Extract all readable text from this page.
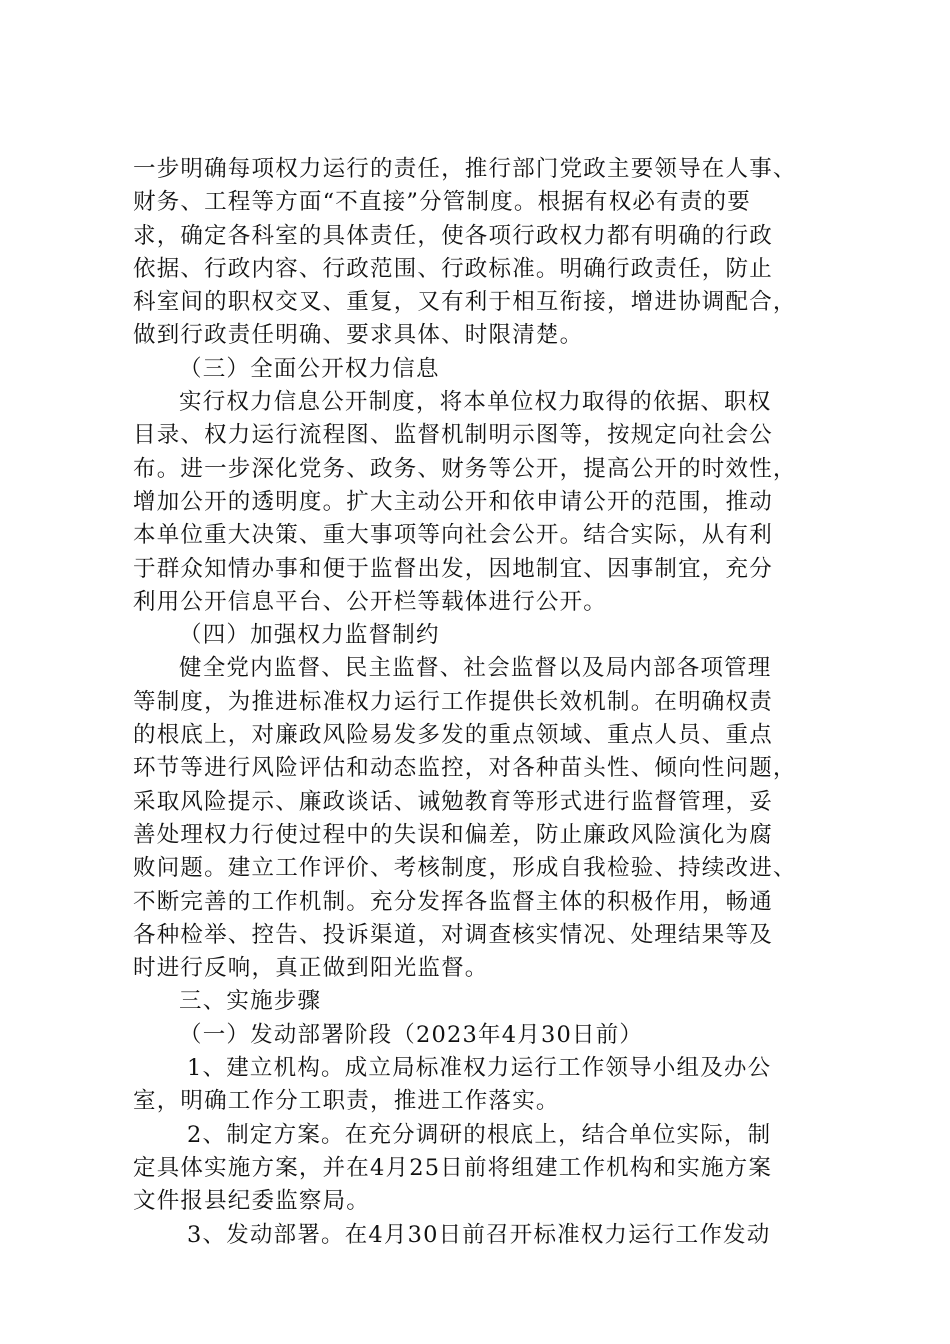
一步明确每项权力运行的责任，推行部门党政主要领导在人事、
财务、工程等方面“不直接”分管制度。根据有权必有责的要
求，确定各科室的具体责任，使各项行政权力都有明确的行政
依据、行政内容、行政范围、行政标准。明确行政责任，防止
科室间的职权交叉、重复，又有利于相互衔接，增进协调配合，
做到行政责任明确、要求具体、时限清楚。
（三）全面公开权力信息
实行权力信息公开制度，将本单位权力取得的依据、职权
目录、权力运行流程图、监督机制明示图等，按规定向社会公
布。进一步深化党务、政务、财务等公开，提高公开的时效性，
增加公开的透明度。扩大主动公开和依申请公开的范围，推动
本单位重大决策、重大事项等向社会公开。结合实际，从有利
于群众知情办事和便于监督出发，因地制宜、因事制宜，充分
利用公开信息平台、公开栏等载体进行公开。
（四）加强权力监督制约
健全党内监督、民主监督、社会监督以及局内部各项管理
等制度，为推进标准权力运行工作提供长效机制。在明确权责
的根底上，对廉政风险易发多发的重点领域、重点人员、重点
环节等进行风险评估和动态监控，对各种苗头性、倾向性问题，
采取风险提示、廉政谈话、诫勉教育等形式进行监督管理，妥
善处理权力行使过程中的失误和偏差，防止廉政风险演化为腐
败问题。建立工作评价、考核制度，形成自我检验、持续改进、
不断完善的工作机制。充分发挥各监督主体的积极作用，畅通
各种检举、控告、投诉渠道，对调查核实情况、处理结果等及
时进行反响，真正做到阳光监督。
三、实施步骤
（一）发动部署阶段（2023年4月30日前）
1、建立机构。成立局标准权力运行工作领导小组及办公
室，明确工作分工职责，推进工作落实。
2、制定方案。在充分调研的根底上，结合单位实际，制
定具体实施方案，并在4月25日前将组建工作机构和实施方案
文件报县纪委监察局。
3、发动部署。在4月30日前召开标准权力运行工作发动
